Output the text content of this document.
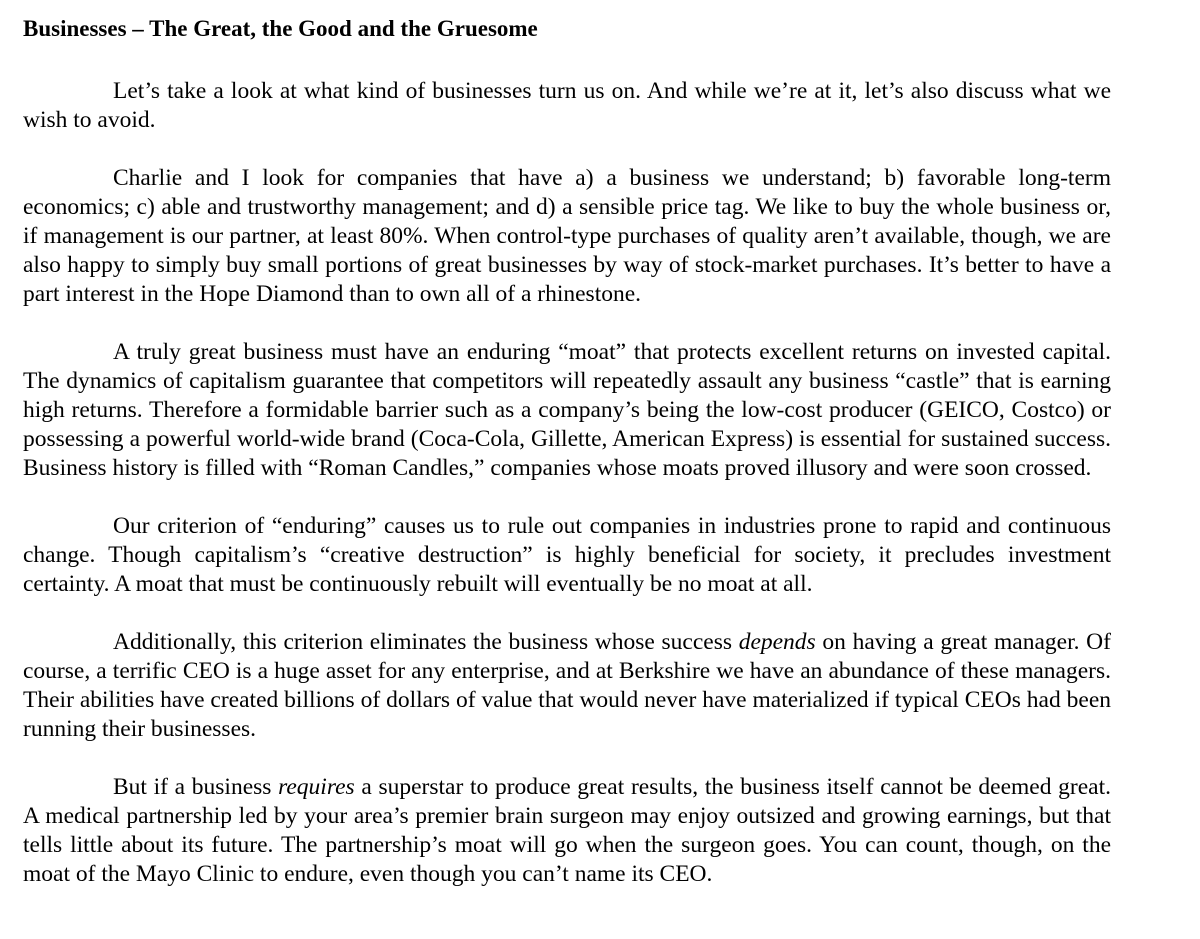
Businesses – The Great, the Good and the Gruesome

Let’s take a look at what kind of businesses turn us on. And while we’re at it, let’s also discuss what we wish to avoid.

Charlie and I look for companies that have a) a business we understand; b) favorable long-term economics; c) able and trustworthy management; and d) a sensible price tag. We like to buy the whole business or, if management is our partner, at least 80%. When control-type purchases of quality aren’t available, though, we are also happy to simply buy small portions of great businesses by way of stock-market purchases. It’s better to have a part interest in the Hope Diamond than to own all of a rhinestone.

A truly great business must have an enduring “moat” that protects excellent returns on invested capital. The dynamics of capitalism guarantee that competitors will repeatedly assault any business “castle” that is earning high returns. Therefore a formidable barrier such as a company’s being the low-cost producer (GEICO, Costco) or possessing a powerful world-wide brand (Coca-Cola, Gillette, American Express) is essential for sustained success. Business history is filled with “Roman Candles,” companies whose moats proved illusory and were soon crossed.

Our criterion of “enduring” causes us to rule out companies in industries prone to rapid and continuous change. Though capitalism’s “creative destruction” is highly beneficial for society, it precludes investment certainty. A moat that must be continuously rebuilt will eventually be no moat at all.

Additionally, this criterion eliminates the business whose success depends on having a great manager. Of course, a terrific CEO is a huge asset for any enterprise, and at Berkshire we have an abundance of these managers. Their abilities have created billions of dollars of value that would never have materialized if typical CEOs had been running their businesses.

But if a business requires a superstar to produce great results, the business itself cannot be deemed great. A medical partnership led by your area’s premier brain surgeon may enjoy outsized and growing earnings, but that tells little about its future. The partnership’s moat will go when the surgeon goes. You can count, though, on the moat of the Mayo Clinic to endure, even though you can’t name its CEO.
